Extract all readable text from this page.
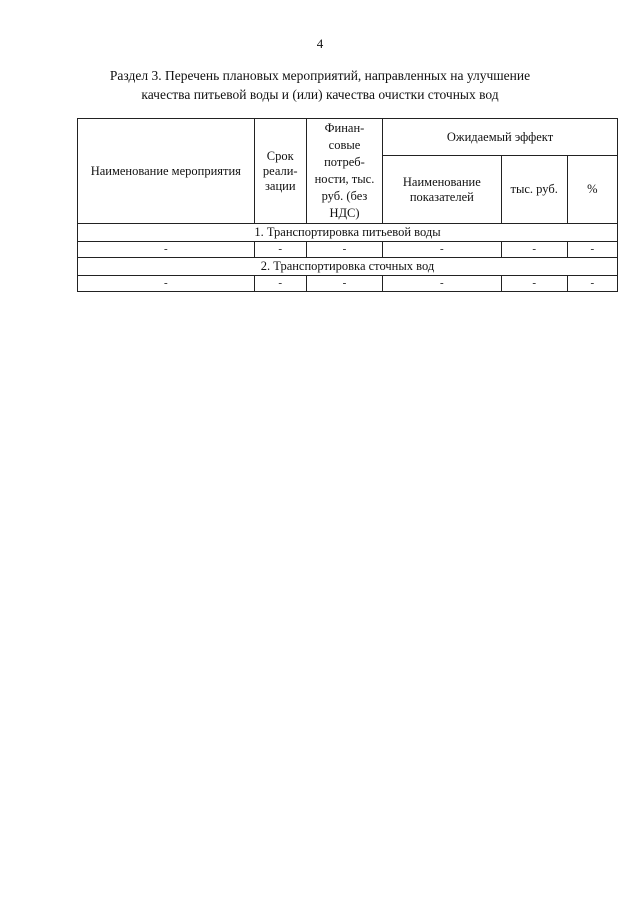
4
Раздел 3. Перечень плановых мероприятий, направленных на улучшение
качества питьевой воды и (или) качества очистки сточных вод
Наименование мероприятия	Срок реали-зации	Финан-совые потреб-ности, тыс. руб. (без НДС)	Ожидаемый эффект		
			Наименование показателей	тыс. руб.	%
1. Транспортировка питьевой воды					
-	-	-	-	-	-
2. Транспортировка сточных вод					
-	-	-	-	-	-
